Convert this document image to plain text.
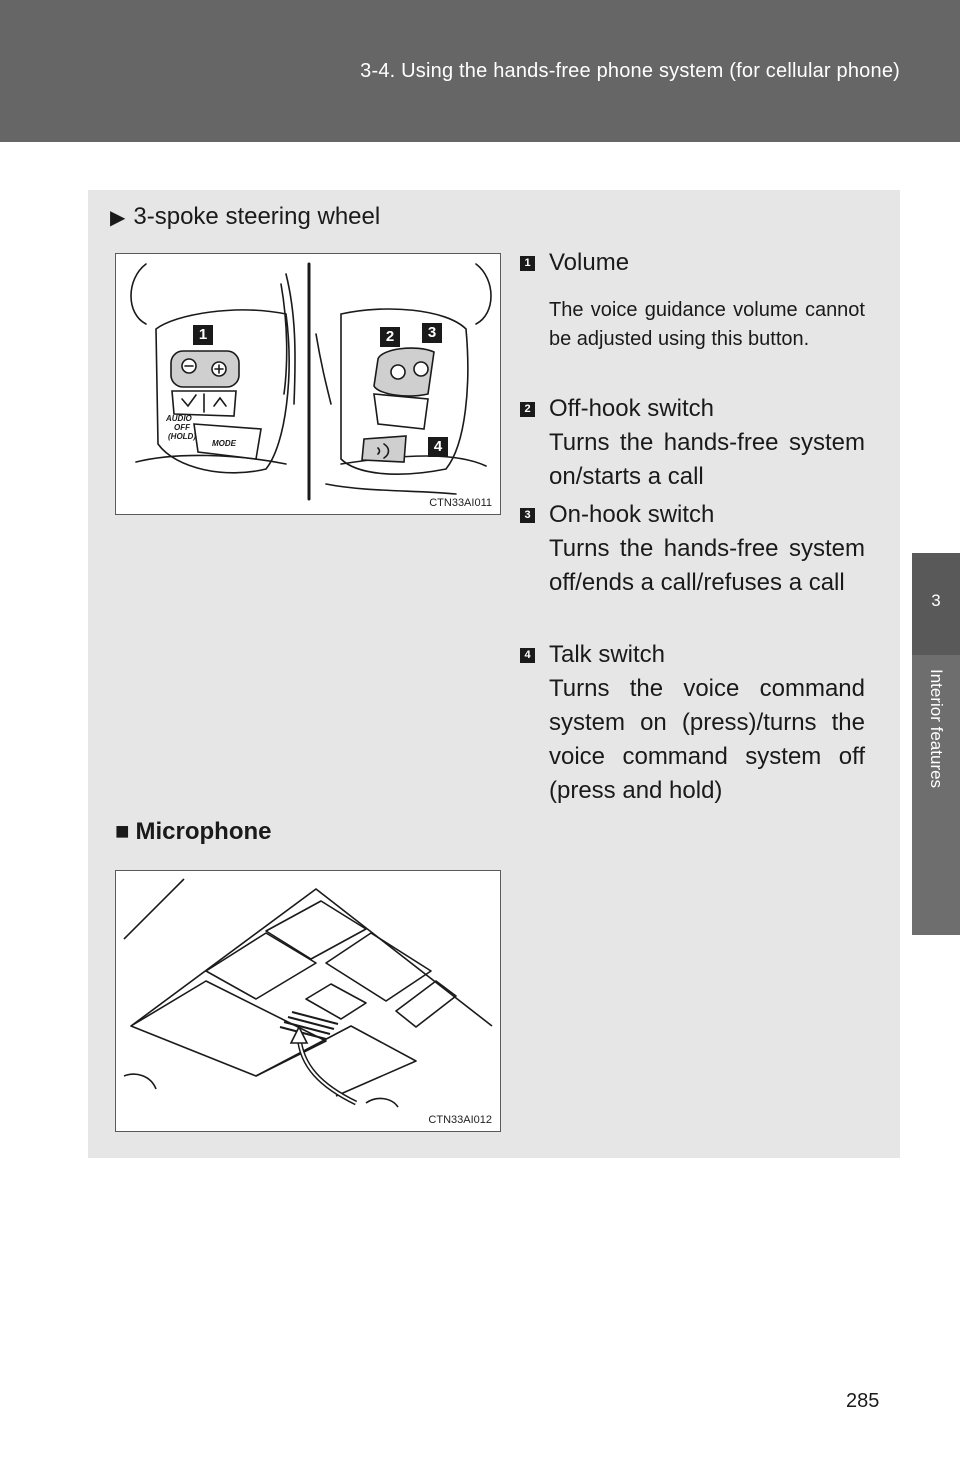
3-4. Using the hands-free phone system (for cellular phone)
3
Interior features
▶ 3-spoke steering wheel
AUDIO
OFF
(HOLD)
MODE
1	2	3
4
CTN33AI011
1 Volume
The voice guidance volume cannot be adjusted using this button.
2 Off-hook switch
Turns the hands-free system on/starts a call
3 On-hook switch
Turns the hands-free system off/ends a call/refuses a call
4 Talk switch
Turns the voice command system on (press)/turns the voice command system off (press and hold)
■ Microphone
CTN33AI012
285
